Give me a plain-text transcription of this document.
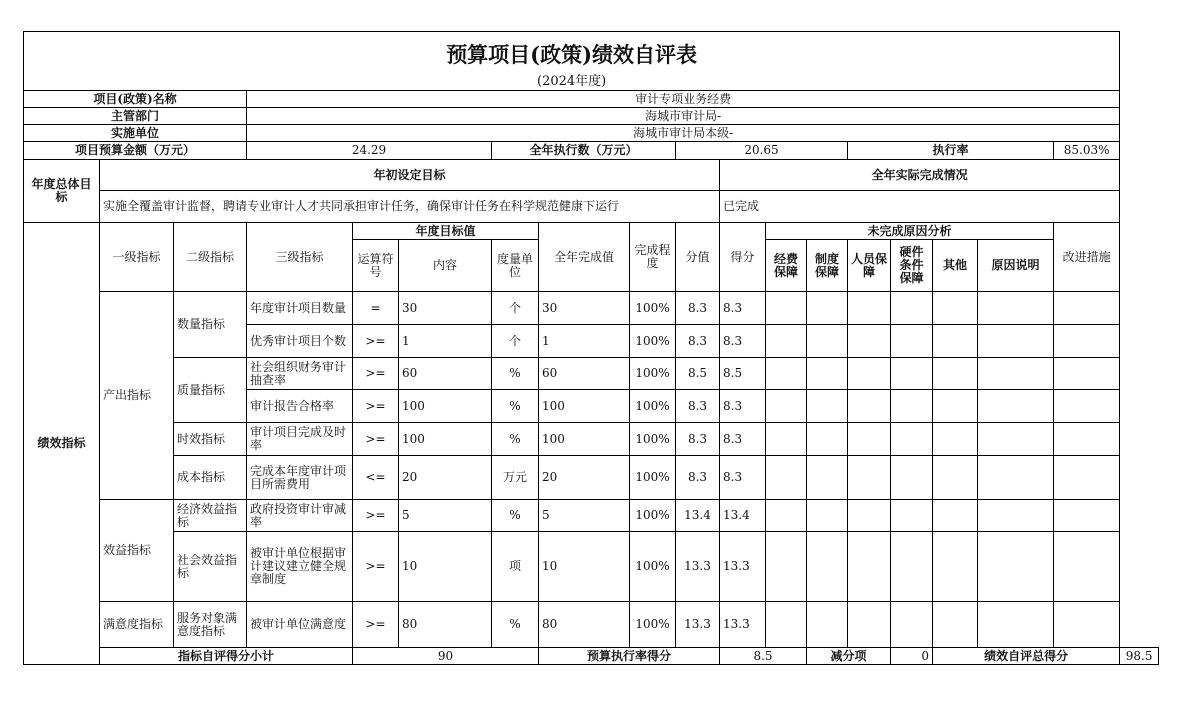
预算项目(政策)绩效自评表																		
(2024年度)																		
项目(政策)名称			审计专项业务经费															
主管部门			海城市审计局-															
实施单位			海城市审计局本级-															
项目预算金额（万元）			24.29			全年执行数（万元）			20.65				执行率				85.03%	
年度总体目标	年初设定目标									全年实际完成情况								
	实施全覆盖审计监督，聘请专业审计人才共同承担审计任务，确保审计任务在科学规范健康下运行									已完成								
绩效指标	一级指标	二级指标	三级指标	年度目标值			全年完成值	完成程度	分值	得分	未完成原因分析						改进措施	
				运算符号	内容	度量单位					经费保障	制度保障	人员保障	硬件条件保障	其他	原因说明		
	产出指标	数量指标	年度审计项目数量	=	30	个	30	100%	8.3	8.3								
			优秀审计项目个数	>=	1	个	1	100%	8.3	8.3								
		质量指标	社会组织财务审计抽查率	>=	60	%	60	100%	8.5	8.5								
			审计报告合格率	>=	100	%	100	100%	8.3	8.3								
		时效指标	审计项目完成及时率	>=	100	%	100	100%	8.3	8.3								
		成本指标	完成本年度审计项目所需费用	<=	20	万元	20	100%	8.3	8.3								
	效益指标	经济效益指标	政府投资审计审减率	>=	5	%	5	100%	13.4	13.4								
		社会效益指标	被审计单位根据审计建议建立健全规章制度	>=	10	项	10	100%	13.3	13.3								
	满意度指标	服务对象满意度指标	被审计单位满意度	>=	80	%	80	100%	13.3	13.3								
	指标自评得分小计			90			预算执行率得分			8.5		减分项		0	绩效自评总得分			98.5
